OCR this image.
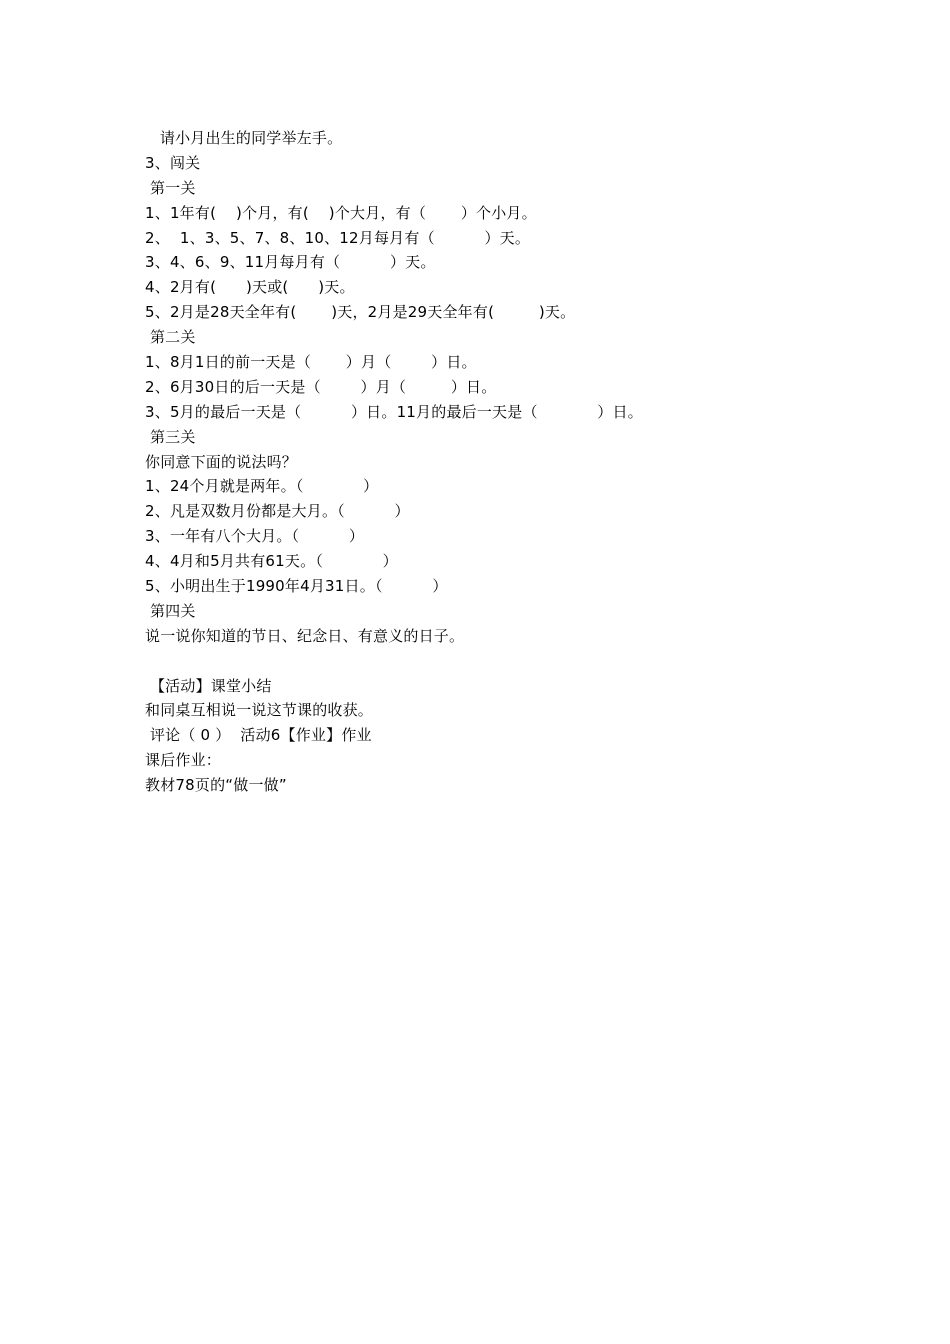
请小月出生的同学举左手。
3、闯关
第一关
1、1年有(    )个月，有(    )个大月，有（       ）个小月。
2、  1、3、5、7、8、10、12月每月有（          ）天。
3、4、6、9、11月每月有（          ）天。
4、2月有(      )天或(      )天。
5、2月是28天全年有(       )天，2月是29天全年有(         )天。
第二关
1、8月1日的前一天是（       ）月（        ）日。
2、6月30日的后一天是（        ）月（         ）日。
3、5月的最后一天是（          ）日。11月的最后一天是（            ）日。
第三关
你同意下面的说法吗？
1、24个月就是两年。（            ）
2、凡是双数月份都是大月。（          ）
3、一年有八个大月。（          ）
4、4月和5月共有61天。（            ）
5、小明出生于1990年4月31日。（          ）
第四关
说一说你知道的节日、纪念日、有意义的日子。
【活动】课堂小结
和同桌互相说一说这节课的收获。
评论（ 0 ）  活动6【作业】作业
课后作业：
教材78页的“做一做”
